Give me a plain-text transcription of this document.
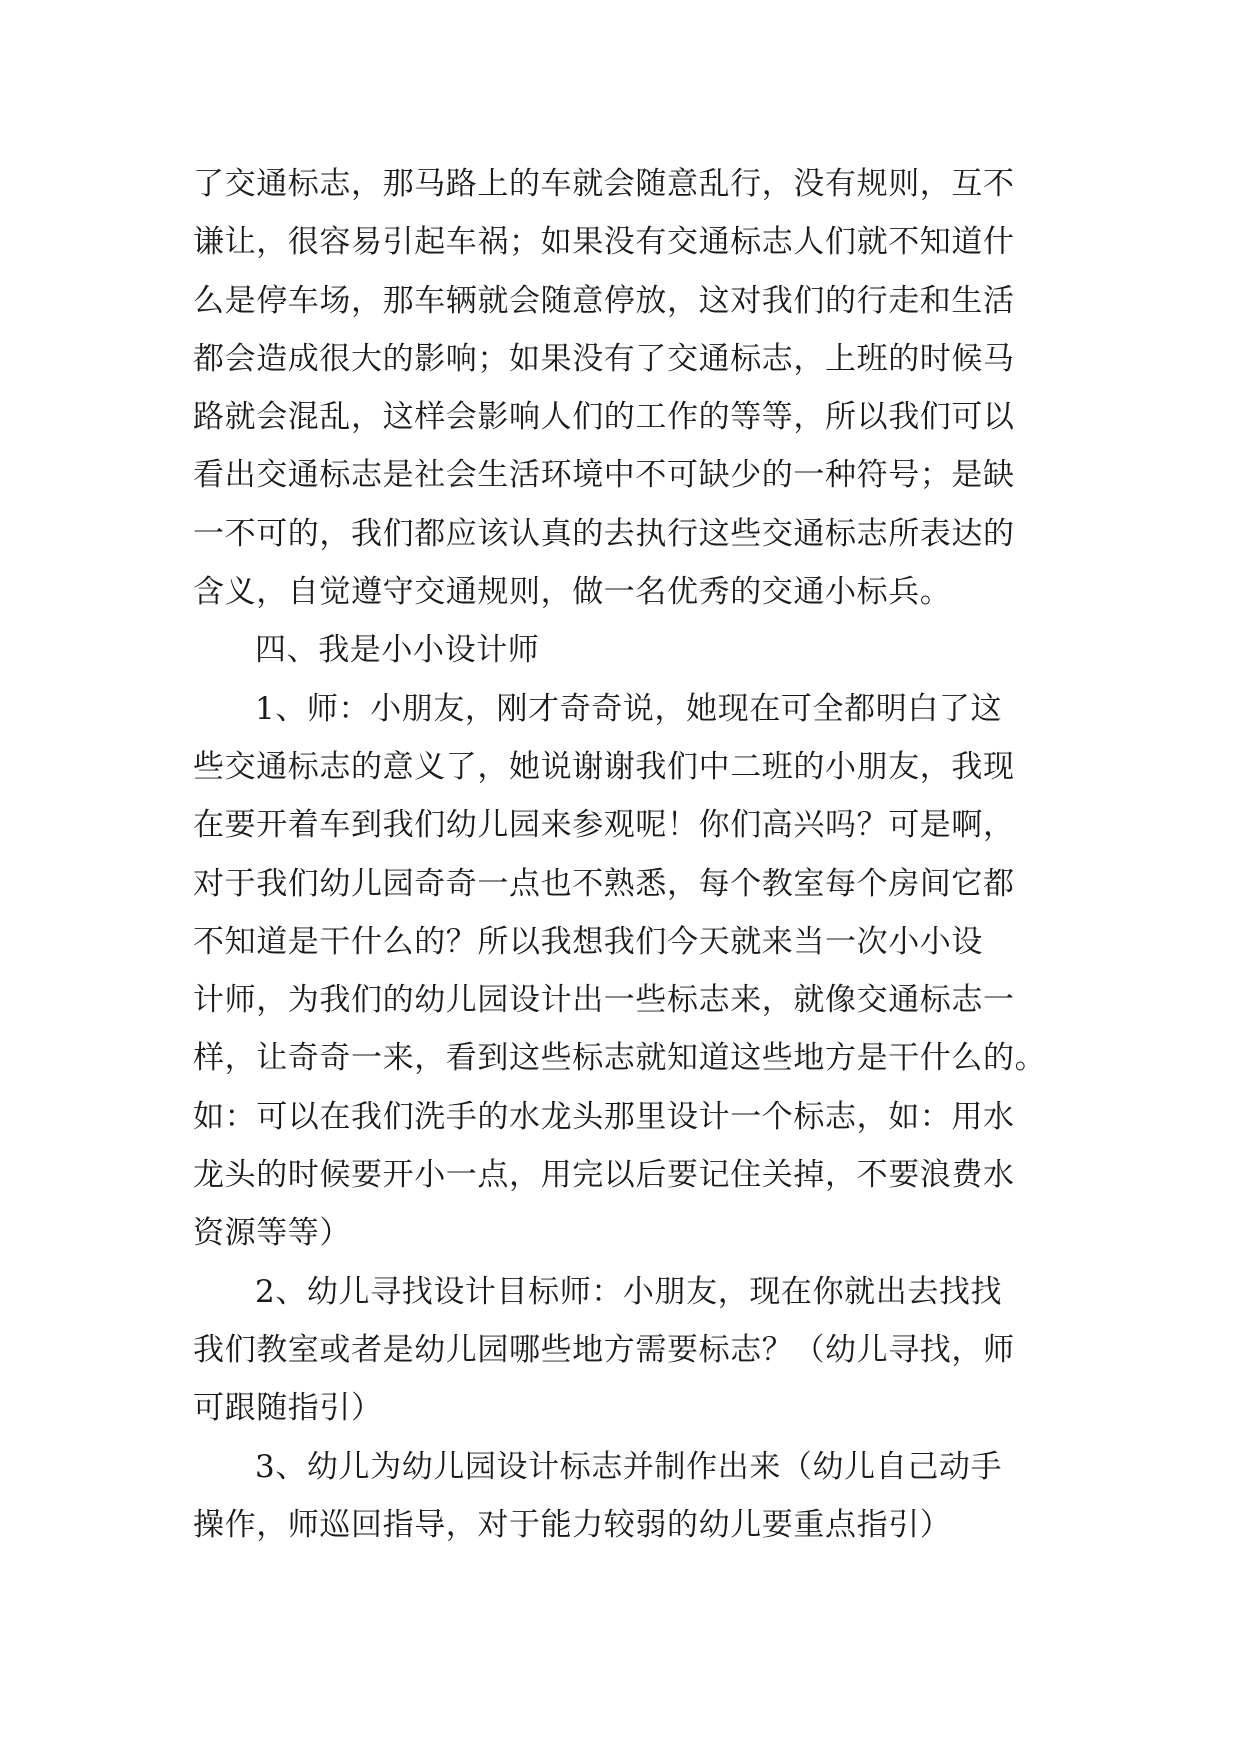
了交通标志，那马路上的车就会随意乱行，没有规则，互不
谦让，很容易引起车祸；如果没有交通标志人们就不知道什
么是停车场，那车辆就会随意停放，这对我们的行走和生活
都会造成很大的影响；如果没有了交通标志，上班的时候马
路就会混乱，这样会影响人们的工作的等等，所以我们可以
看出交通标志是社会生活环境中不可缺少的一种符号；是缺
一不可的，我们都应该认真的去执行这些交通标志所表达的
含义，自觉遵守交通规则，做一名优秀的交通小标兵。
四、我是小小设计师
1、师：小朋友，刚才奇奇说，她现在可全都明白了这
些交通标志的意义了，她说谢谢我们中二班的小朋友，我现
在要开着车到我们幼儿园来参观呢！你们高兴吗？可是啊，
对于我们幼儿园奇奇一点也不熟悉，每个教室每个房间它都
不知道是干什么的？所以我想我们今天就来当一次小小设
计师，为我们的幼儿园设计出一些标志来，就像交通标志一
样，让奇奇一来，看到这些标志就知道这些地方是干什么的。
如：可以在我们洗手的水龙头那里设计一个标志，如：用水
龙头的时候要开小一点，用完以后要记住关掉，不要浪费水
资源等等）
2、幼儿寻找设计目标师：小朋友，现在你就出去找找
我们教室或者是幼儿园哪些地方需要标志？（幼儿寻找，师
可跟随指引）
3、幼儿为幼儿园设计标志并制作出来（幼儿自己动手
操作，师巡回指导，对于能力较弱的幼儿要重点指引）
